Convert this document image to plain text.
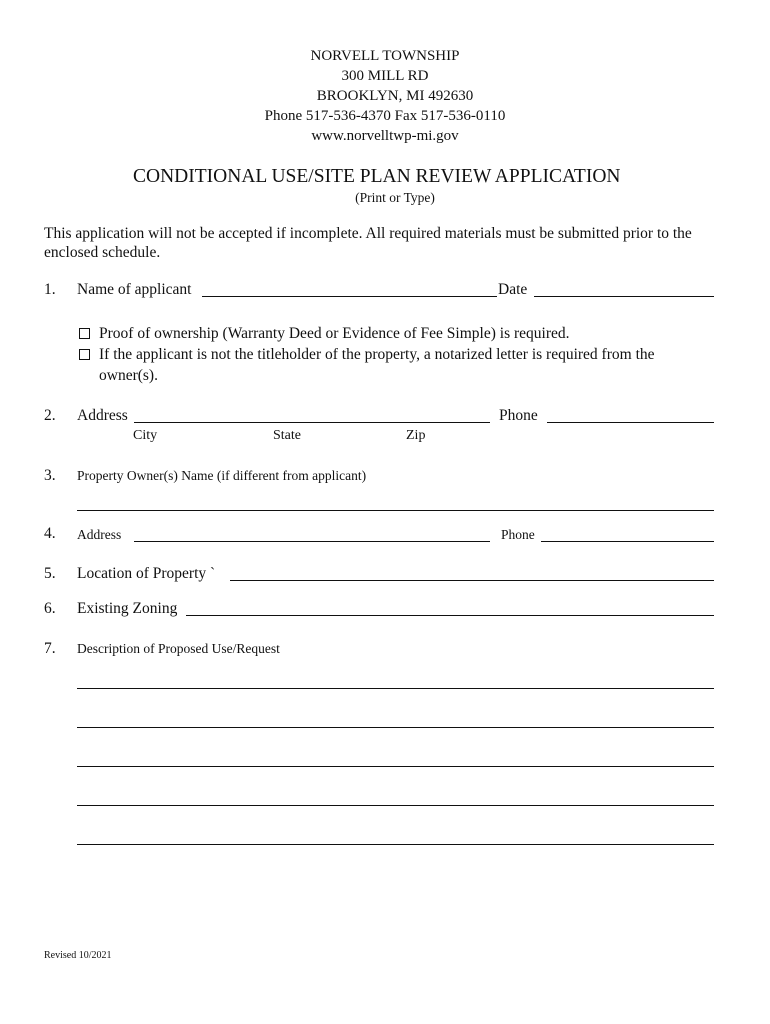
NORVELL TOWNSHIP
300 MILL RD
BROOKLYN, MI 492630
Phone 517-536-4370 Fax 517-536-0110
www.norvelltwp-mi.gov
CONDITIONAL USE/SITE PLAN REVIEW APPLICATION
(Print or Type)
This application will not be accepted if incomplete. All required materials must be submitted prior to the
enclosed schedule.
1. Name of applicant	Date
Proof of ownership (Warranty Deed or Evidence of Fee Simple) is required.
If the applicant is not the titleholder of the property, a notarized letter is required from the
owner(s).
2. Address	Phone
City	State	Zip
3. Property Owner(s) Name (if different from applicant)
4. Address	Phone
5. Location of Property `
6. Existing Zoning
7. Description of Proposed Use/Request
Revised 10/2021
